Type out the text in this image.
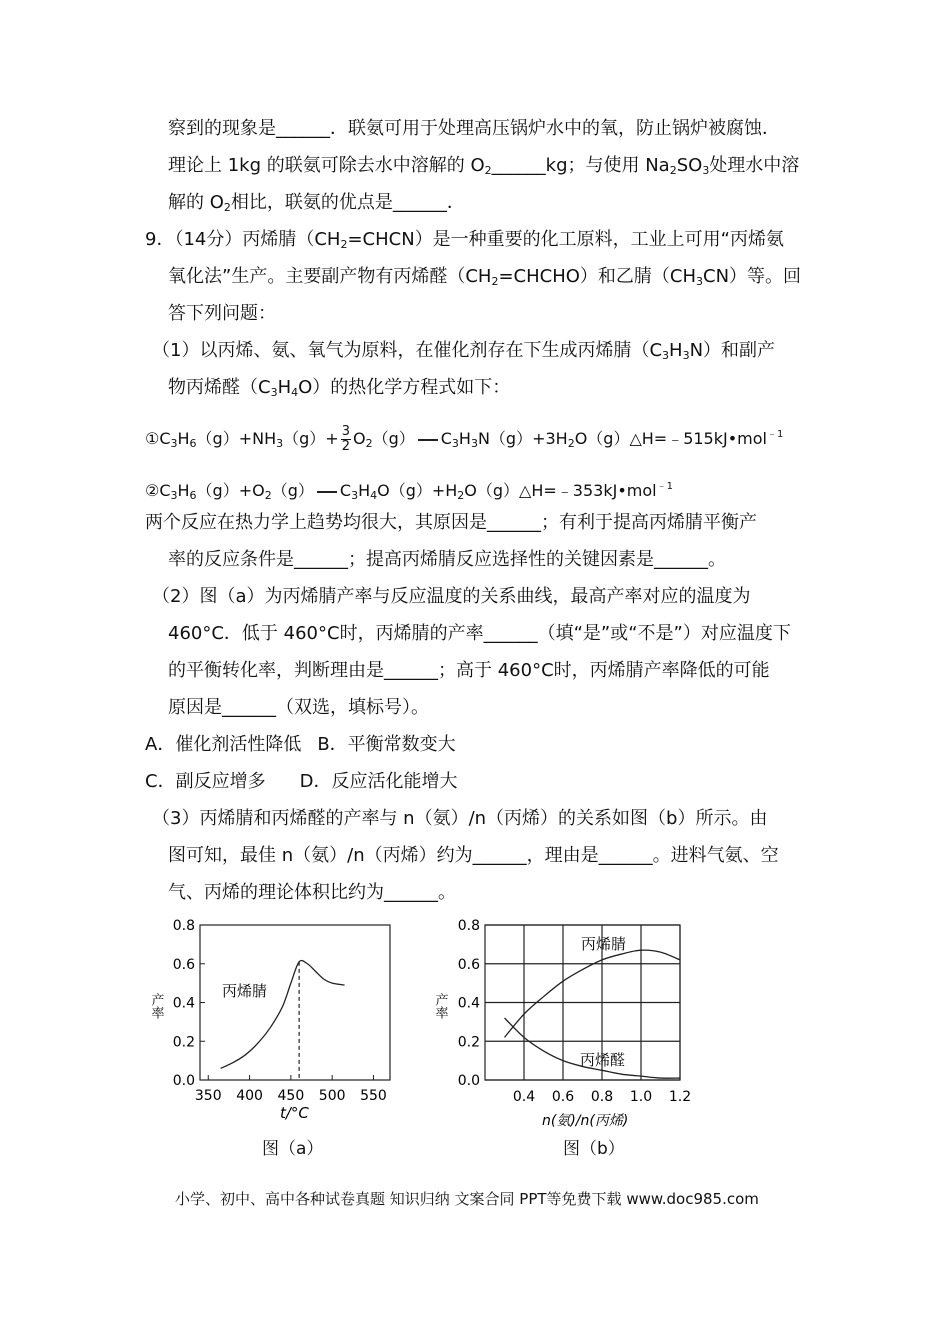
察到的现象是______．联氨可用于处理高压锅炉水中的氧，防止锅炉被腐蚀．
理论上 1kg 的联氨可除去水中溶解的 $O_2\_\_\_\_\_\_kg$；与使用 $Na_2SO_3$处理水中溶
解的 $O_2$相比，联氨的优点是______．
9．（14分）丙烯腈$(CH_2=CHCN)$是一种重要的化工原料，工业上可用“丙烯氨
氧化法”生产。主要副产物有丙烯醛$(CH_2=CHCHO)$和乙腈$(CH_3CN)$等。回
答下列问题：
（1）以丙烯、氨、氧气为原料，在催化剂存在下生成丙烯腈$(C_3H_3N)$和副产
物丙烯醛$(C_3H_4O)$的热化学方程式如下：
$①C_3H_6(g)+NH_3(g)+ \frac{3}{2} O_2(g)$ $C_3H_3N(g)+3H_2O(g)\triangle H=﹣515kJ•mol^{﹣1}$
$②C_3H_6(g)+O_2(g)$ $C_3H_4O(g)+H_2O(g)\triangle H=﹣353kJ•mol^{﹣1}$
两个反应在热力学上趋势均很大，其原因是______；有利于提高丙烯腈平衡产
率的反应条件是______；提高丙烯腈反应选择性的关键因素是______。
（2）图（a）为丙烯腈产率与反应温度的关系曲线，最高产率对应的温度为
460°C．低于 460°C时，丙烯腈的产率______（填“是”或“不是”）对应温度下
的平衡转化率，判断理由是______；高于 460°C时，丙烯腈产率降低的可能
原因是______（双选，填标号）。
A．催化剂活性降低 B．平衡常数变大
C．副反应增多 D．反应活化能增大
（3）丙烯腈和丙烯醛的产率与 n（氨）/n（丙烯）的关系如图（b）所示。由
图可知，最佳 n（氨）/n（丙烯）约为______，理由是______。进料气氨、空
气、丙烯的理论体积比约为______。
0.0
0.2
0.4
0.6
0.8
350 400 450 500 550
丙烯腈
产率
t/°C
图（a）
0.0
0.2
0.4
0.6
0.8
0.4 0.6 0.8 1.0 1.2
丙烯腈
丙烯醛
产率
n(氨)/n(丙烯)
图（b）
小学、初中、高中各种试卷真题 知识归纳 文案合同 PPT等免费下载 www.doc985.com
